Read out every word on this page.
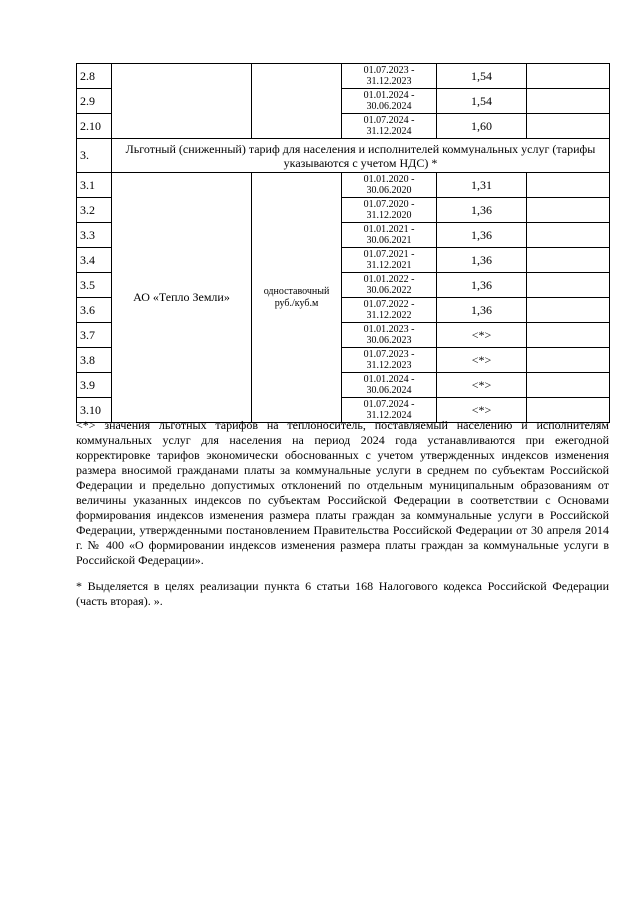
2.8			01.07.2023 -
31.12.2023	1,54	
2.9			01.01.2024 -
30.06.2024	1,54	
2.10			01.07.2024 -
31.12.2024	1,60	
3.	Льготный (сниженный) тариф для населения и исполнителей коммунальных услуг (тарифы указываются с учетом НДС) *				
3.1	АО «Тепло Земли»	одноставочный
руб./куб.м	01.01.2020 -
30.06.2020	1,31	
3.2			01.07.2020 -
31.12.2020	1,36	
3.3			01.01.2021 -
30.06.2021	1,36	
3.4			01.07.2021 -
31.12.2021	1,36	
3.5			01.01.2022 -
30.06.2022	1,36	
3.6			01.07.2022 -
31.12.2022	1,36	
3.7			01.01.2023 -
30.06.2023	<*>	
3.8			01.07.2023 -
31.12.2023	<*>	
3.9			01.01.2024 -
30.06.2024	<*>	
3.10			01.07.2024 -
31.12.2024	<*>	

<*> значения льготных тарифов на теплоноситель, поставляемый населению и исполнителям коммунальных услуг для населения на период 2024 года устанавливаются при ежегодной корректировке тарифов экономически обоснованных с учетом утвержденных индексов изменения размера вносимой гражданами платы за коммунальные услуги в среднем по субъектам Российской Федерации и предельно допустимых отклонений по отдельным муниципальным образованиям от величины указанных индексов по субъектам Российской Федерации в соответствии с Основами формирования индексов изменения размера платы граждан за коммунальные услуги в Российской Федерации, утвержденными постановлением Правительства Российской Федерации от 30 апреля 2014 г. № 400 «О формировании индексов изменения размера платы граждан за коммунальные услуги в Российской Федерации».

* Выделяется в целях реализации пункта 6 статьи 168 Налогового кодекса Российской Федерации (часть вторая). ».
